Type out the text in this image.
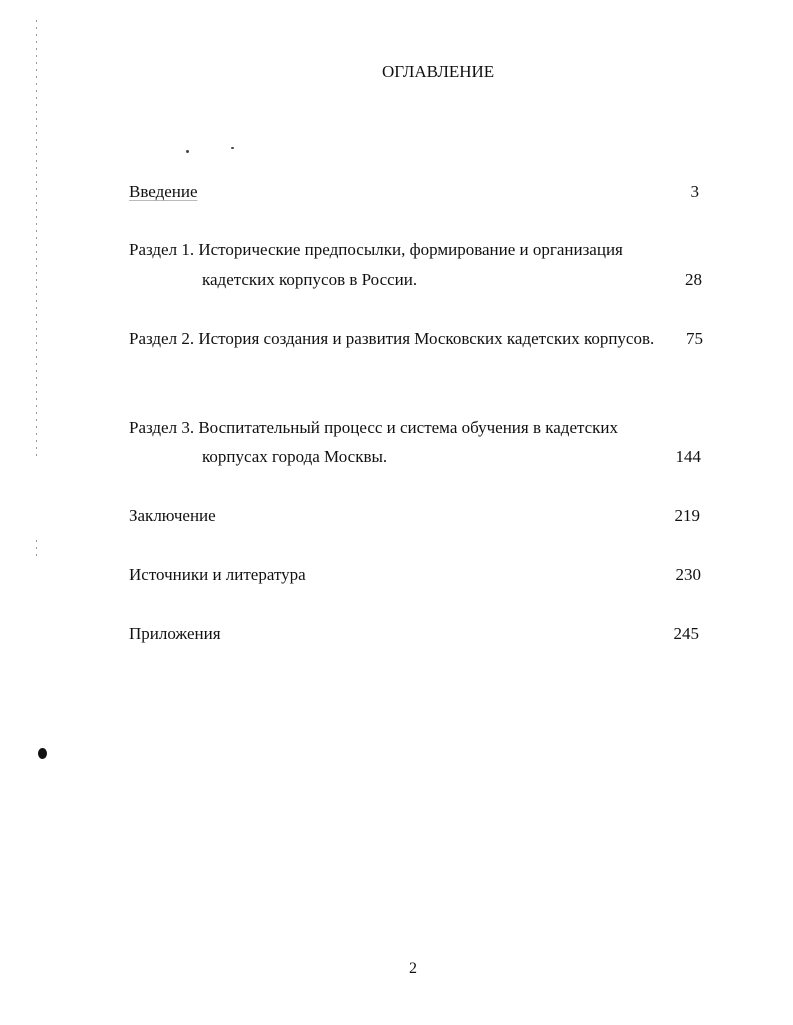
ОГЛАВЛЕНИЕ
Введение	3
Раздел 1. Исторические предпосылки, формирование и организация
кадетских корпусов в России.	28
Раздел 2. История создания и развития Московских кадетских корпусов.	75
Раздел 3. Воспитательный процесс и система обучения в кадетских
корпусах города Москвы.	144
Заключение	219
Источники и литература	230
Приложения	245
2
